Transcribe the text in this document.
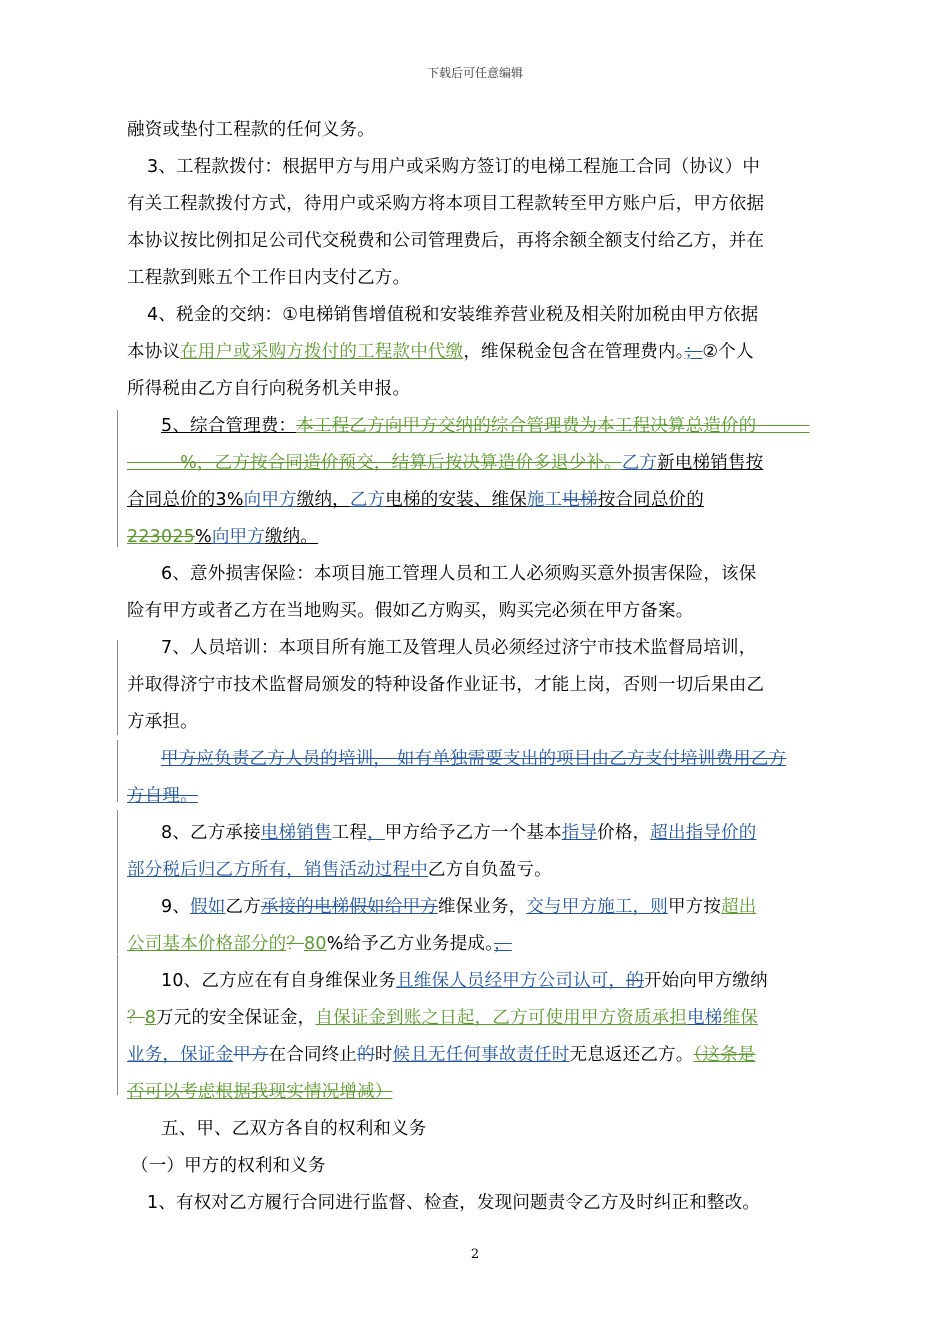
下载后可任意编辑
融资或垫付工程款的任何义务。
3、工程款拨付：根据甲方与用户或采购方签订的电梯工程施工合同（协议）中
有关工程款拨付方式，待用户或采购方将本项目工程款转至甲方账户后，甲方依据
本协议按比例扣足公司代交税费和公司管理费后，再将余额全额支付给乙方，并在
工程款到账五个工作日内支付乙方。
4、税金的交纳：①电梯销售增值税和安装维养营业税及相关附加税由甲方依据
本协议在用户或采购方拨付的工程款中代缴，维保税金包含在管理费内。；②个人
所得税由乙方自行向税务机关申报。
5、综合管理费：本工程乙方向甲方交纳的综合管理费为本工程决算总造价的　　　
　　　%，乙方按合同造价预交，结算后按决算造价多退少补。乙方新电梯销售按
合同总价的3%向甲方缴纳，乙方电梯的安装、维保施工电梯按合同总价的
223025%向甲方缴纳。
6、意外损害保险：本项目施工管理人员和工人必须购买意外损害保险，该保
险有甲方或者乙方在当地购买。假如乙方购买，购买完必须在甲方备案。
7、人员培训：本项目所有施工及管理人员必须经过济宁市技术监督局培训，
并取得济宁市技术监督局颁发的特种设备作业证书，才能上岗，否则一切后果由乙
方承担。
甲方应负责乙方人员的培训， 如有单独需要支出的项目由乙方支付培训费用乙方
方自理。
8、乙方承接电梯销售工程，甲方给予乙方一个基本指导价格，超出指导价的
部分税后归乙方所有，销售活动过程中乙方自负盈亏。
9、假如乙方承接的电梯假如给甲方维保业务，交与甲方施工，则甲方按超出
公司基本价格部分的？80%给予乙方业务提成。，
10、乙方应在有自身维保业务且维保人员经甲方公司认可，的开始向甲方缴纳
？8万元的安全保证金，自保证金到账之日起，乙方可使用甲方资质承担电梯维保
业务，保证金甲方在合同终止的时候且无任何事故责任时无息返还乙方。（这条是
否可以考虑根据我现实情况增减）
五、甲、乙双方各自的权利和义务
（一）甲方的权利和义务
1、有权对乙方履行合同进行监督、检查，发现问题责令乙方及时纠正和整改。
2
